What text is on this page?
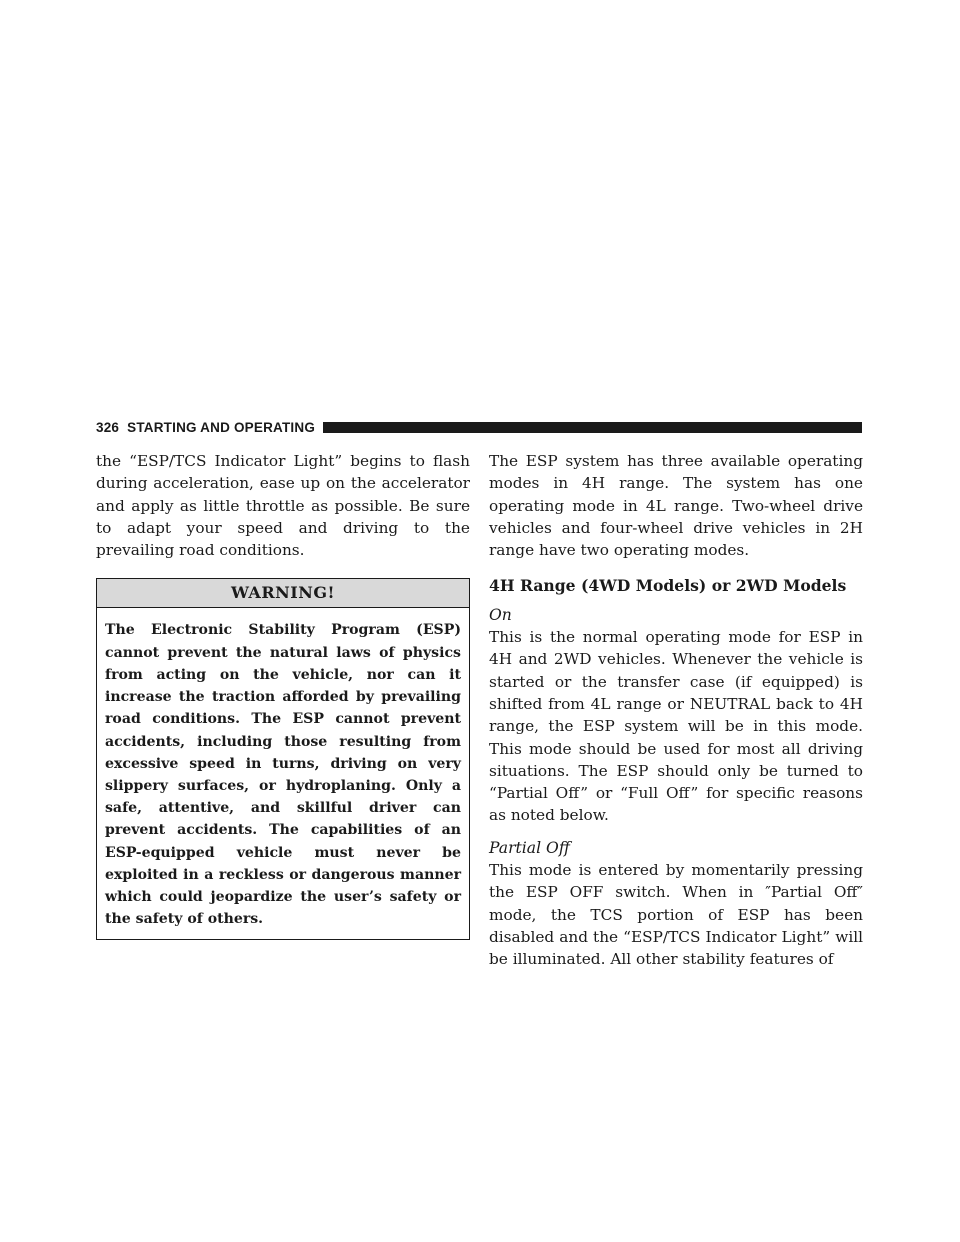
326 STARTING AND OPERATING

the “ESP/TCS Indicator Light” begins to flash during acceleration, ease up on the accelerator and apply as little throttle as possible. Be sure to adapt your speed and driving to the prevailing road conditions.

WARNING!
The Electronic Stability Program (ESP) cannot prevent the natural laws of physics from acting on the vehicle, nor can it increase the traction afforded by prevailing road conditions. The ESP cannot prevent accidents, including those resulting from excessive speed in turns, driving on very slippery surfaces, or hydroplaning. Only a safe, attentive, and skillful driver can prevent accidents. The capabilities of an ESP-equipped vehicle must never be exploited in a reckless or dangerous manner which could jeopardize the user’s safety or the safety of others.

The ESP system has three available operating modes in 4H range. The system has one operating mode in 4L range. Two-wheel drive vehicles and four-wheel drive vehicles in 2H range have two operating modes.

4H Range (4WD Models) or 2WD Models
On

This is the normal operating mode for ESP in 4H and 2WD vehicles. Whenever the vehicle is started or the transfer case (if equipped) is shifted from 4L range or NEUTRAL back to 4H range, the ESP system will be in this mode. This mode should be used for most all driving situations. The ESP should only be turned to “Partial Off” or “Full Off” for specific reasons as noted below.

Partial Off

This mode is entered by momentarily pressing the ESP OFF switch. When in ″Partial Off″ mode, the TCS portion of ESP has been disabled and the “ESP/TCS Indicator Light” will be illuminated. All other stability features of
